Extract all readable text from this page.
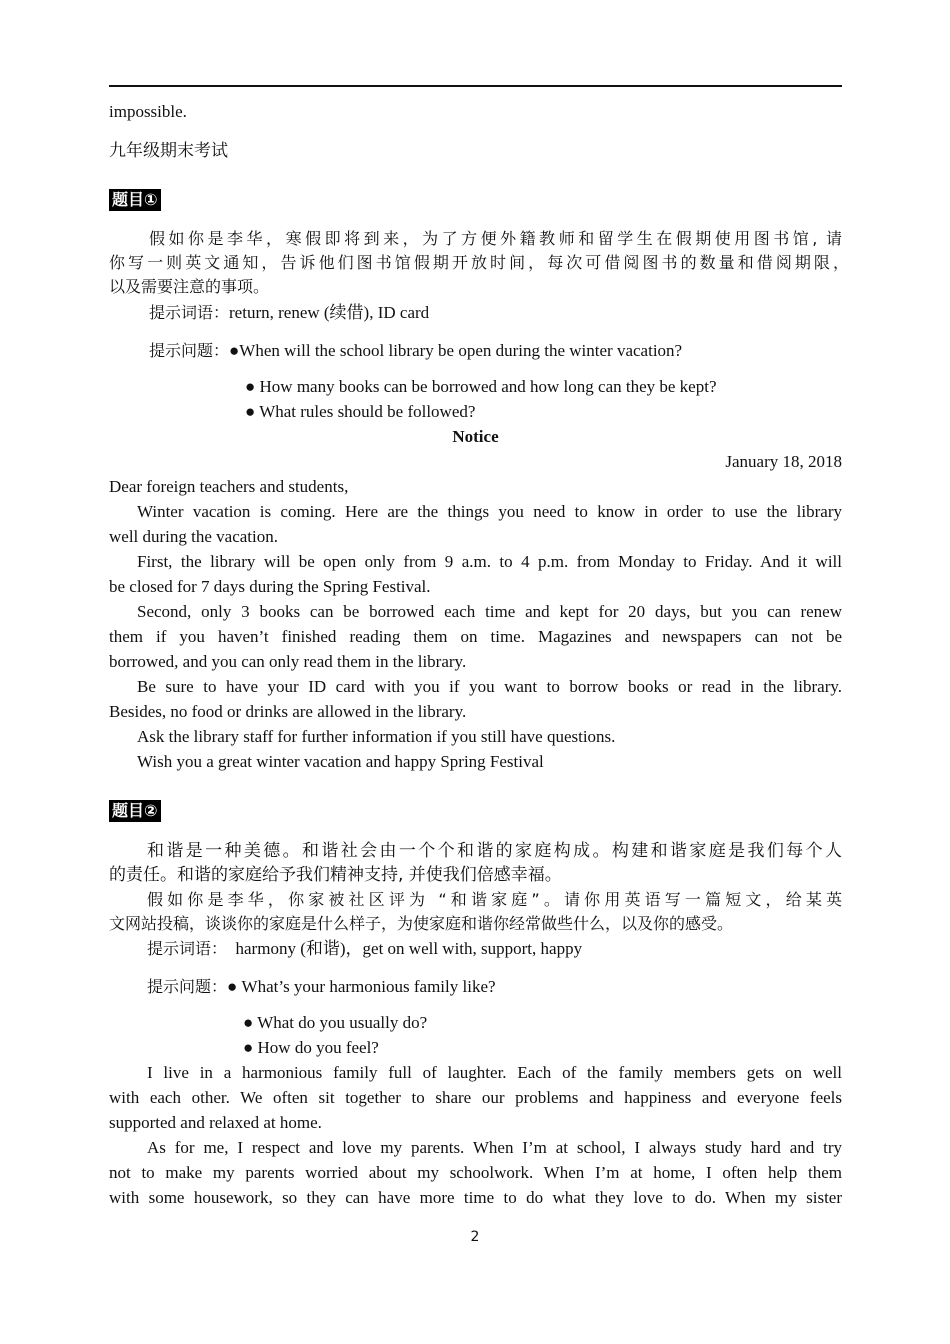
impossible.
九年级期末考试
题目①
假如你是李华，寒假即将到来，为了方便外籍教师和留学生在假期使用图书馆, 请
你写一则英文通知，告诉他们图书馆假期开放时间，每次可借阅图书的数量和借阅期限，
以及需要注意的事项。
提示词语：return, renew (续借), ID card
提示问题：●When will the school library be open during the winter vacation?
● How many books can be borrowed and how long can they be kept?
● What rules should be followed?
Notice
January 18, 2018
Dear foreign teachers and students,
Winter vacation is coming. Here are the things you need to know in order to use the library
well during the vacation.
First, the library will be open only from 9 a.m. to 4 p.m. from Monday to Friday. And it will
be closed for 7 days during the Spring Festival.
Second, only 3 books can be borrowed each time and kept for 20 days, but you can renew
them if you haven’t finished reading them on time. Magazines and newspapers can not be
borrowed, and you can only read them in the library.
Be sure to have your ID card with you if you want to borrow books or read in the library.
Besides, no food or drinks are allowed in the library.
Ask the library staff for further information if you still have questions.
Wish you a great winter vacation and happy Spring Festival
题目②
和谐是一种美德。和谐社会由一个个和谐的家庭构成。构建和谐家庭是我们每个人
的责任。和谐的家庭给予我们精神支持, 并使我们倍感幸福。
假如你是李华，你家被社区评为 “和谐家庭”。请你用英语写一篇短文，给某英
文网站投稿，谈谈你的家庭是什么样子，为使家庭和谐你经常做些什么，以及你的感受。
提示词语： harmony (和谐)，get on well with, support, happy
提示问题：● What’s your harmonious family like?
● What do you usually do?
● How do you feel?
I live in a harmonious family full of laughter. Each of the family members gets on well
with each other. We often sit together to share our problems and happiness and everyone feels
supported and relaxed at home.
As for me, I respect and love my parents. When I’m at school, I always study hard and try
not to make my parents worried about my schoolwork. When I’m at home, I often help them
with some housework, so they can have more time to do what they love to do. When my sister
2
